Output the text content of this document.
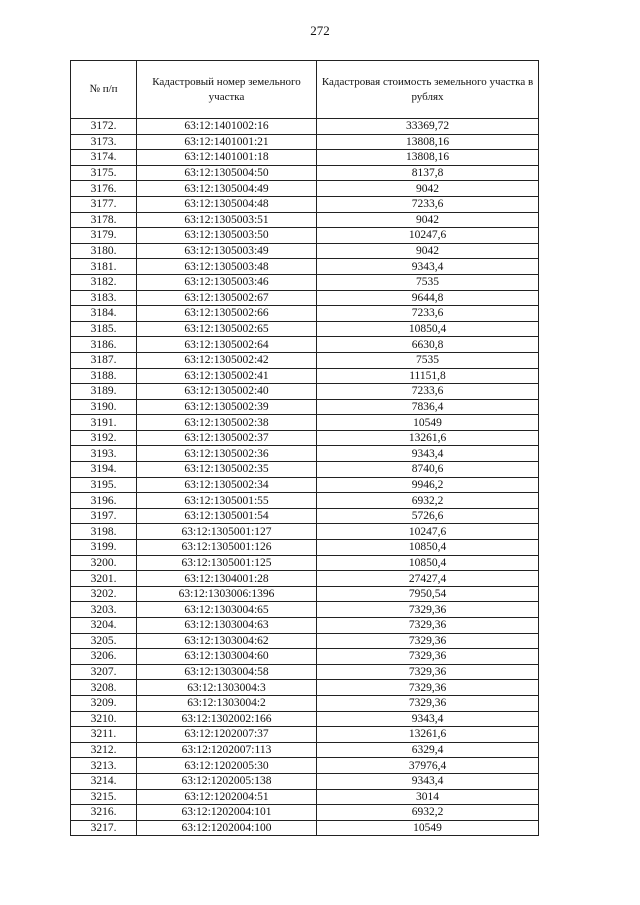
272
№ п/п	Кадастровый номер земельного участка	Кадастровая стоимость земельного участка в рублях
3172.	63:12:1401002:16	33369,72
3173.	63:12:1401001:21	13808,16
3174.	63:12:1401001:18	13808,16
3175.	63:12:1305004:50	8137,8
3176.	63:12:1305004:49	9042
3177.	63:12:1305004:48	7233,6
3178.	63:12:1305003:51	9042
3179.	63:12:1305003:50	10247,6
3180.	63:12:1305003:49	9042
3181.	63:12:1305003:48	9343,4
3182.	63:12:1305003:46	7535
3183.	63:12:1305002:67	9644,8
3184.	63:12:1305002:66	7233,6
3185.	63:12:1305002:65	10850,4
3186.	63:12:1305002:64	6630,8
3187.	63:12:1305002:42	7535
3188.	63:12:1305002:41	11151,8
3189.	63:12:1305002:40	7233,6
3190.	63:12:1305002:39	7836,4
3191.	63:12:1305002:38	10549
3192.	63:12:1305002:37	13261,6
3193.	63:12:1305002:36	9343,4
3194.	63:12:1305002:35	8740,6
3195.	63:12:1305002:34	9946,2
3196.	63:12:1305001:55	6932,2
3197.	63:12:1305001:54	5726,6
3198.	63:12:1305001:127	10247,6
3199.	63:12:1305001:126	10850,4
3200.	63:12:1305001:125	10850,4
3201.	63:12:1304001:28	27427,4
3202.	63:12:1303006:1396	7950,54
3203.	63:12:1303004:65	7329,36
3204.	63:12:1303004:63	7329,36
3205.	63:12:1303004:62	7329,36
3206.	63:12:1303004:60	7329,36
3207.	63:12:1303004:58	7329,36
3208.	63:12:1303004:3	7329,36
3209.	63:12:1303004:2	7329,36
3210.	63:12:1302002:166	9343,4
3211.	63:12:1202007:37	13261,6
3212.	63:12:1202007:113	6329,4
3213.	63:12:1202005:30	37976,4
3214.	63:12:1202005:138	9343,4
3215.	63:12:1202004:51	3014
3216.	63:12:1202004:101	6932,2
3217.	63:12:1202004:100	10549
